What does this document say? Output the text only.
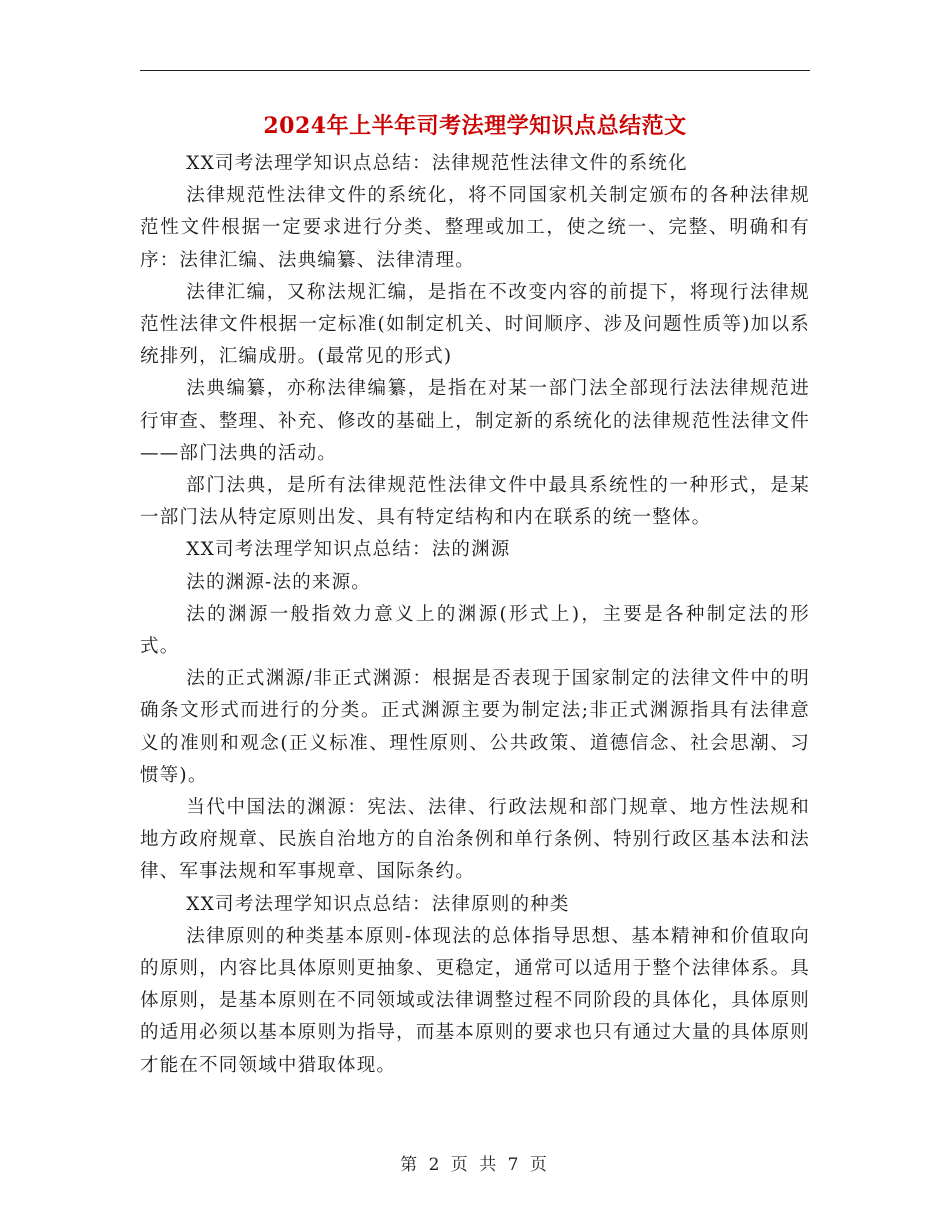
2024年上半年司考法理学知识点总结范文

XX司考法理学知识点总结：法律规范性法律文件的系统化

法律规范性法律文件的系统化，将不同国家机关制定颁布的各种法律规范性文件根据一定要求进行分类、整理或加工，使之统一、完整、明确和有序：法律汇编、法典编纂、法律清理。

法律汇编，又称法规汇编，是指在不改变内容的前提下，将现行法律规范性法律文件根据一定标准(如制定机关、时间顺序、涉及问题性质等)加以系统排列，汇编成册。(最常见的形式)

法典编纂，亦称法律编纂，是指在对某一部门法全部现行法法律规范进行审查、整理、补充、修改的基础上，制定新的系统化的法律规范性法律文件——部门法典的活动。

部门法典，是所有法律规范性法律文件中最具系统性的一种形式，是某一部门法从特定原则出发、具有特定结构和内在联系的统一整体。

XX司考法理学知识点总结：法的渊源

法的渊源-法的来源。

法的渊源一般指效力意义上的渊源(形式上)，主要是各种制定法的形式。

法的正式渊源/非正式渊源：根据是否表现于国家制定的法律文件中的明确条文形式而进行的分类。正式渊源主要为制定法;非正式渊源指具有法律意义的准则和观念(正义标准、理性原则、公共政策、道德信念、社会思潮、习惯等)。

当代中国法的渊源：宪法、法律、行政法规和部门规章、地方性法规和地方政府规章、民族自治地方的自治条例和单行条例、特别行政区基本法和法律、军事法规和军事规章、国际条约。

XX司考法理学知识点总结：法律原则的种类

法律原则的种类基本原则-体现法的总体指导思想、基本精神和价值取向的原则，内容比具体原则更抽象、更稳定，通常可以适用于整个法律体系。具体原则，是基本原则在不同领域或法律调整过程不同阶段的具体化，具体原则的适用必须以基本原则为指导，而基本原则的要求也只有通过大量的具体原则才能在不同领域中猎取体现。

第 2 页 共 7 页
